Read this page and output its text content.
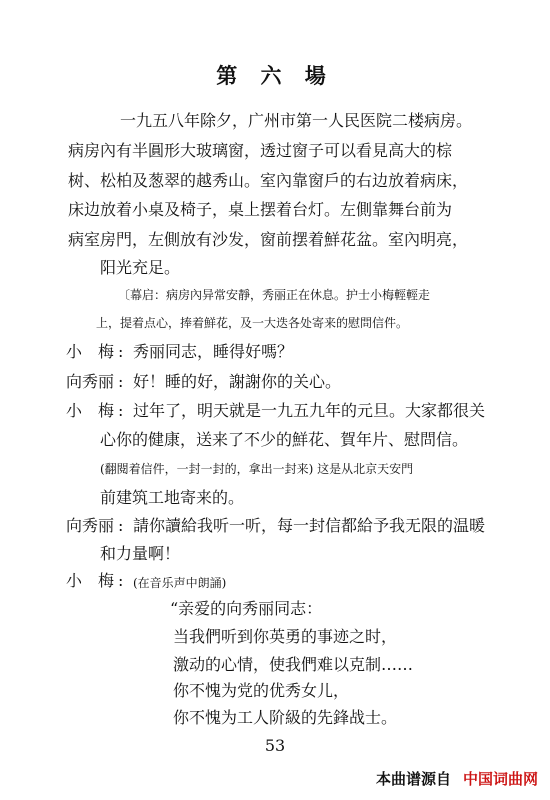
第 六 場
一九五八年除夕，广州市第一人民医院二楼病房。
病房內有半圓形大玻璃窗，透过窗子可以看見高大的棕
树、松柏及葱翠的越秀山。室內靠窗戶的右边放着病床，
床边放着小桌及椅子，桌上摆着台灯。左側靠舞台前为
病室房門，左側放有沙发，窗前摆着鮮花盆。室內明亮，
阳光充足。
〔幕启：病房內异常安靜，秀丽正在休息。护士小梅輕輕走
上，提着点心，捧着鮮花，及一大迭各处寄来的慰問信件。
小　梅 : 秀丽同志，睡得好嗎？
向秀丽 : 好！睡的好，謝謝你的关心。
小　梅 : 过年了，明天就是一九五九年的元旦。大家都很关
心你的健康，送来了不少的鮮花、賀年片、慰問信。
(翻閱着信件，一封一封的，拿出一封来) 这是从北京天安門
前建筑工地寄来的。
向秀丽 : 請你讀給我听一听，每一封信都給予我无限的温暖
和力量啊！
小　梅 : (在音乐声中朗誦)
“亲爱的向秀丽同志：
当我們听到你英勇的事迹之时，
激动的心情，使我們难以克制……
你不愧为党的优秀女儿，
你不愧为工人阶級的先鋒战士。
53
本曲谱源自 中国词曲网
